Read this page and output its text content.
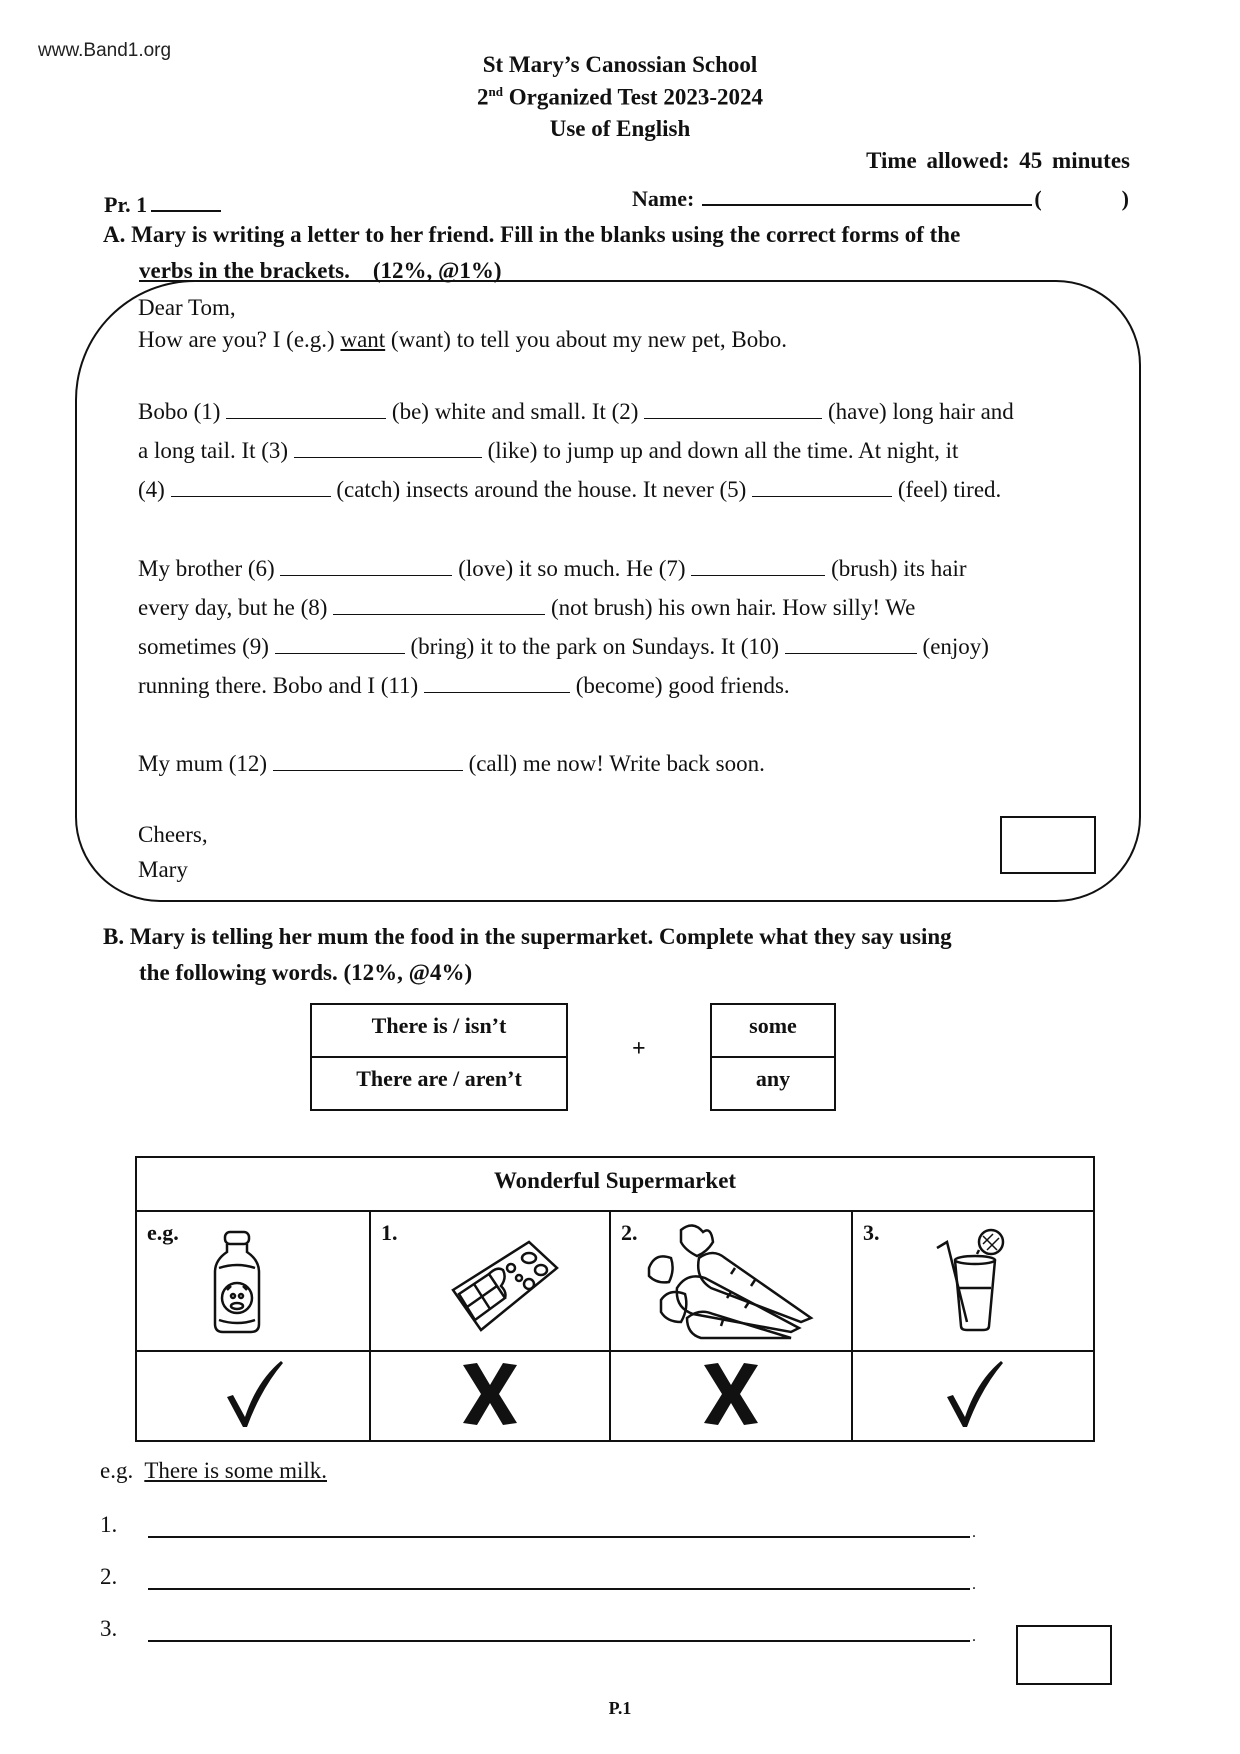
www.Band1.org
St Mary’s Canossian School
2nd Organized Test 2023-2024
Use of English
Time allowed: 45 minutes
Pr. 1	Name:	(	)
A. Mary is writing a letter to her friend. Fill in the blanks using the correct forms of the
verbs in the brackets. (12%, @1%)
Dear Tom,
How are you? I (e.g.) want (want) to tell you about my new pet, Bobo.
Bobo (1)	(be) white and small. It (2)	(have) long hair and
a long tail. It (3)	(like) to jump up and down all the time. At night, it
(4)	(catch) insects around the house. It never (5)	(feel) tired.
My brother (6)	(love) it so much. He (7)	(brush) its hair
every day, but he (8)	(not brush) his own hair. How silly! We
sometimes (9)	(bring) it to the park on Sundays. It (10)	(enjoy)
running there. Bobo and I (11)	(become) good friends.
My mum (12)	(call) me now! Write back soon.
Cheers,
Mary
B. Mary is telling her mum the food in the supermarket. Complete what they say using
the following words. (12%, @4%)
There is / isn’t
There are / aren’t
+
some
any
Wonderful Supermarket			

e.g.	1.	2.	3.

e.g. There is some milk.
1.	.
2.	.
3.	.
P.1
